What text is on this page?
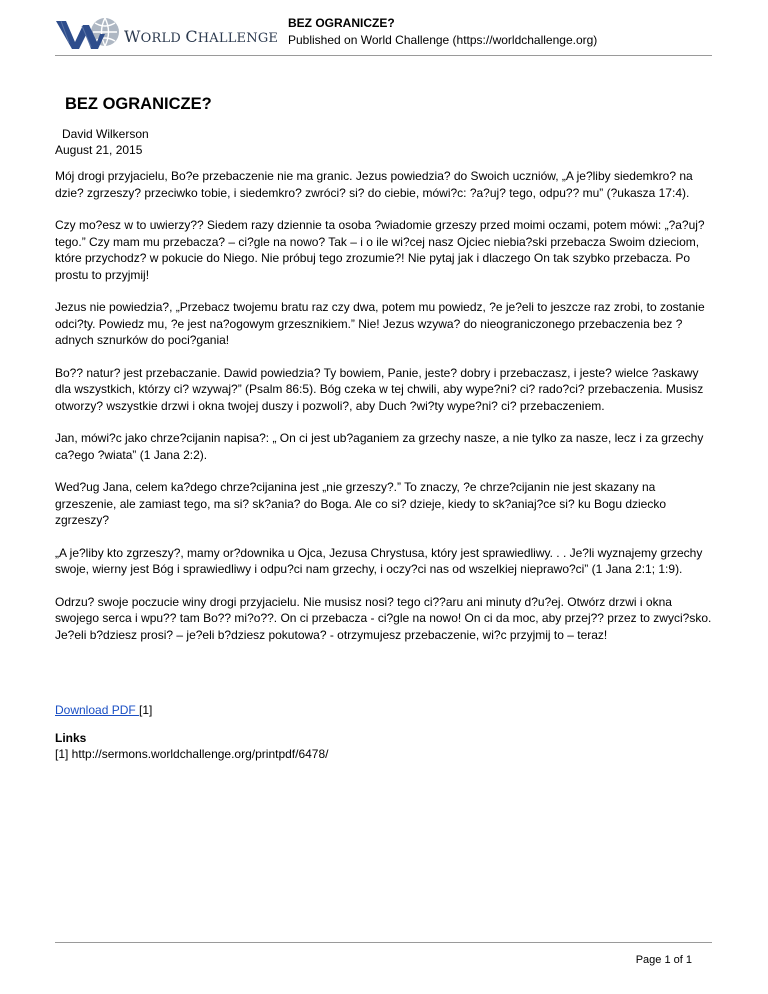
WORLD CHALLENGE
BEZ OGRANICZE?
Published on World Challenge (https://worldchallenge.org)
BEZ OGRANICZE?
David Wilkerson
August 21, 2015

Mój drogi przyjacielu, Bo?e przebaczenie nie ma granic. Jezus powiedzia? do Swoich uczniów, „A je?liby siedemkro? na dzie? zgrzeszy? przeciwko tobie, i siedemkro? zwróci? si? do ciebie, mówi?c: ?a?uj? tego, odpu?? mu” (?ukasza 17:4).

Czy mo?esz w to uwierzy?? Siedem razy dziennie ta osoba ?wiadomie grzeszy przed moimi oczami, potem mówi: „?a?uj? tego.” Czy mam mu przebacza? – ci?gle na nowo? Tak – i o ile wi?cej nasz Ojciec niebia?ski przebacza Swoim dzieciom, które przychodz? w pokucie do Niego. Nie próbuj tego zrozumie?! Nie pytaj jak i dlaczego On tak szybko przebacza. Po prostu to przyjmij!

Jezus nie powiedzia?, „Przebacz twojemu bratu raz czy dwa, potem mu powiedz, ?e je?eli to jeszcze raz zrobi, to zostanie odci?ty. Powiedz mu, ?e jest na?ogowym grzesznikiem.” Nie! Jezus wzywa? do nieograniczonego przebaczenia bez ?adnych sznurków do poci?gania!

Bo?? natur? jest przebaczanie. Dawid powiedzia? Ty bowiem, Panie, jeste? dobry i przebaczasz, i jeste? wielce ?askawy dla wszystkich, którzy ci? wzywaj?” (Psalm 86:5). Bóg czeka w tej chwili, aby wype?ni? ci? rado?ci? przebaczenia. Musisz otworzy? wszystkie drzwi i okna twojej duszy i pozwoli?, aby Duch ?wi?ty wype?ni? ci? przebaczeniem.

Jan, mówi?c jako chrze?cijanin napisa?: „ On ci jest ub?aganiem za grzechy nasze, a nie tylko za nasze, lecz i za grzechy ca?ego ?wiata” (1 Jana 2:2).

Wed?ug Jana, celem ka?dego chrze?cijanina jest „nie grzeszy?.” To znaczy, ?e chrze?cijanin nie jest skazany na grzeszenie, ale zamiast tego, ma si? sk?ania? do Boga. Ale co si? dzieje, kiedy to sk?aniaj?ce si? ku Bogu dziecko zgrzeszy?

„A je?liby kto zgrzeszy?, mamy or?downika u Ojca, Jezusa Chrystusa, który jest sprawiedliwy. . . Je?li wyznajemy grzechy swoje, wierny jest Bóg i sprawiedliwy i odpu?ci nam grzechy, i oczy?ci nas od wszelkiej nieprawo?ci” (1 Jana 2:1; 1:9).

Odrzu? swoje poczucie winy drogi przyjacielu. Nie musisz nosi? tego ci??aru ani minuty d?u?ej. Otwórz drzwi i okna swojego serca i wpu?? tam Bo?? mi?o??. On ci przebacza - ci?gle na nowo! On ci da moc, aby przej?? przez to zwyci?sko. Je?eli b?dziesz prosi? – je?eli b?dziesz pokutowa? - otrzymujesz przebaczenie, wi?c przyjmij to – teraz!

Download PDF [1]
Links
[1] http://sermons.worldchallenge.org/printpdf/6478/
Page 1 of 1
